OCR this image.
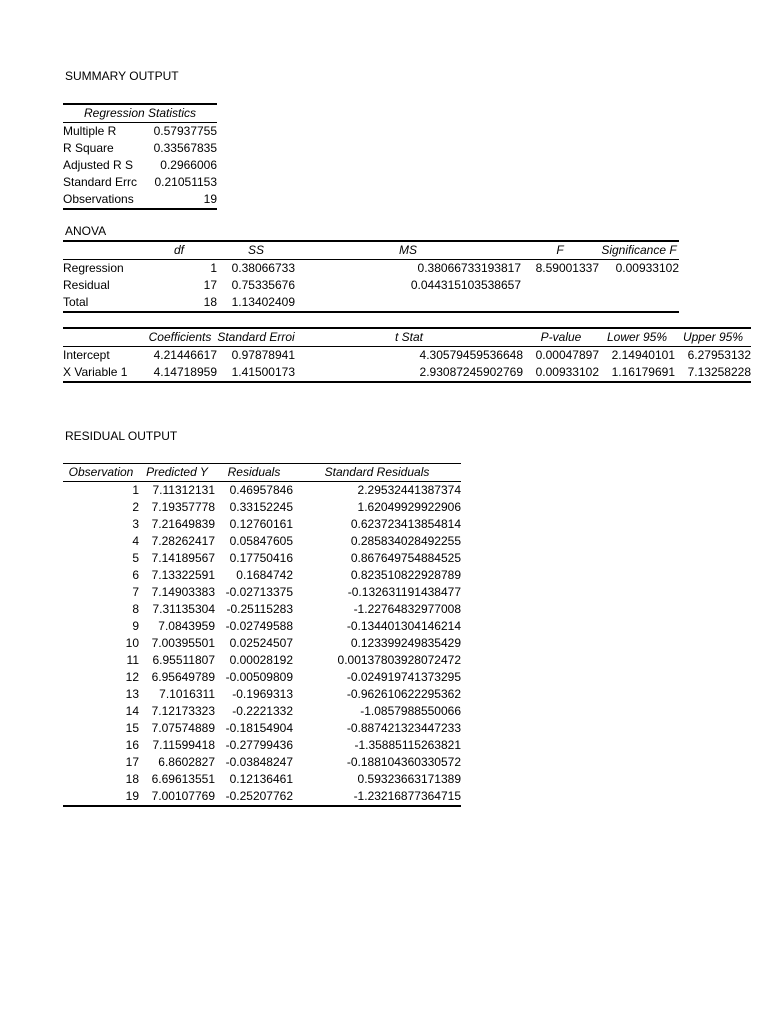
SUMMARY OUTPUT
Regression Statistics	
Multiple R	0.57937755
R Square	0.33567835
Adjusted R S	0.2966006
Standard Errc	0.21051153
Observations	19
ANOVA
	df	SS	MS	F	Significance F
Regression	1	0.38066733	0.38066733193817	8.59001337	0.00933102
Residual	17	0.75335676	0.044315103538657		
Total	18	1.13402409			
	Coefficients	Standard Erroi	t Stat	P-value	Lower 95%	Upper 95%
Intercept	4.21446617	0.97878941	4.30579459536648	0.00047897	2.14940101	6.27953132
X Variable 1	4.14718959	1.41500173	2.93087245902769	0.00933102	1.16179691	7.13258228
RESIDUAL OUTPUT
Observation	Predicted Y	Residuals	Standard Residuals
1	7.11312131	0.46957846	2.29532441387374
2	7.19357778	0.33152245	1.62049929922906
3	7.21649839	0.12760161	0.623723413854814
4	7.28262417	0.05847605	0.285834028492255
5	7.14189567	0.17750416	0.867649754884525
6	7.13322591	0.1684742	0.823510822928789
7	7.14903383	-0.02713375	-0.132631191438477
8	7.31135304	-0.25115283	-1.22764832977008
9	7.0843959	-0.02749588	-0.134401304146214
10	7.00395501	0.02524507	0.123399249835429
11	6.95511807	0.00028192	0.00137803928072472
12	6.95649789	-0.00509809	-0.024919741373295
13	7.1016311	-0.1969313	-0.962610622295362
14	7.12173323	-0.2221332	-1.0857988550066
15	7.07574889	-0.18154904	-0.887421323447233
16	7.11599418	-0.27799436	-1.35885115263821
17	6.8602827	-0.03848247	-0.188104360330572
18	6.69613551	0.12136461	0.59323663171389
19	7.00107769	-0.25207762	-1.23216877364715
